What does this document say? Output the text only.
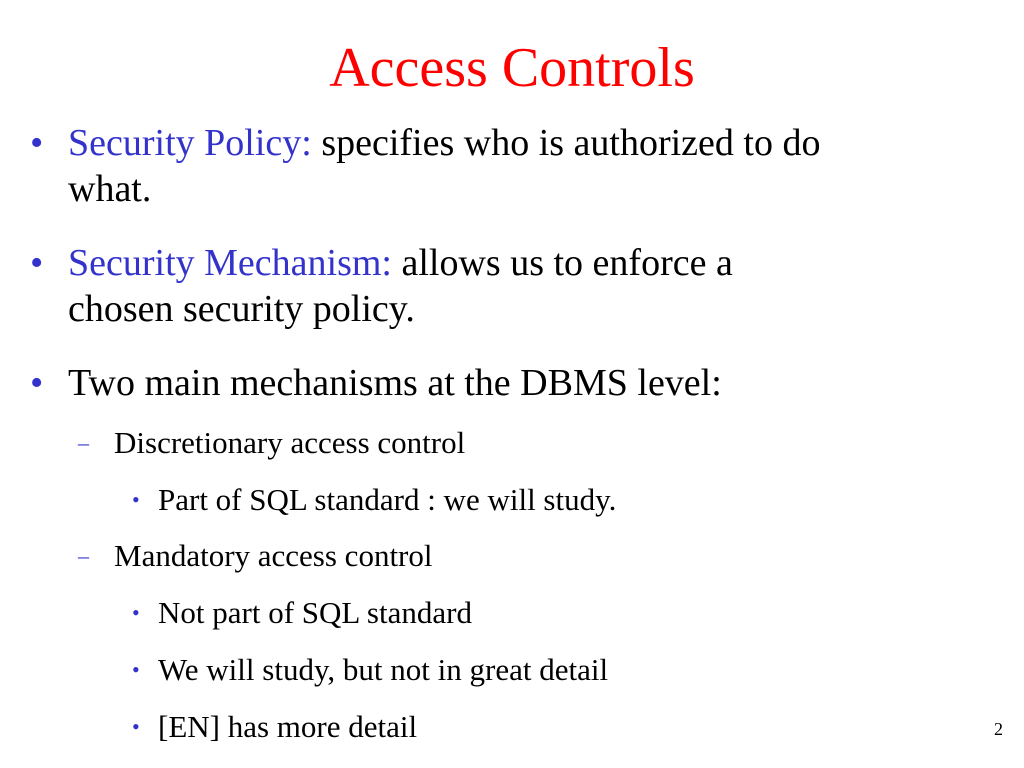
Access Controls
• Security Policy: specifies who is authorized to do
what.
• Security Mechanism: allows us to enforce a
chosen security policy.
• Two main mechanisms at the DBMS level:
– Discretionary access control
• Part of SQL standard : we will study.
– Mandatory access control
• Not part of SQL standard
• We will study, but not in great detail
• [EN] has more detail	2
